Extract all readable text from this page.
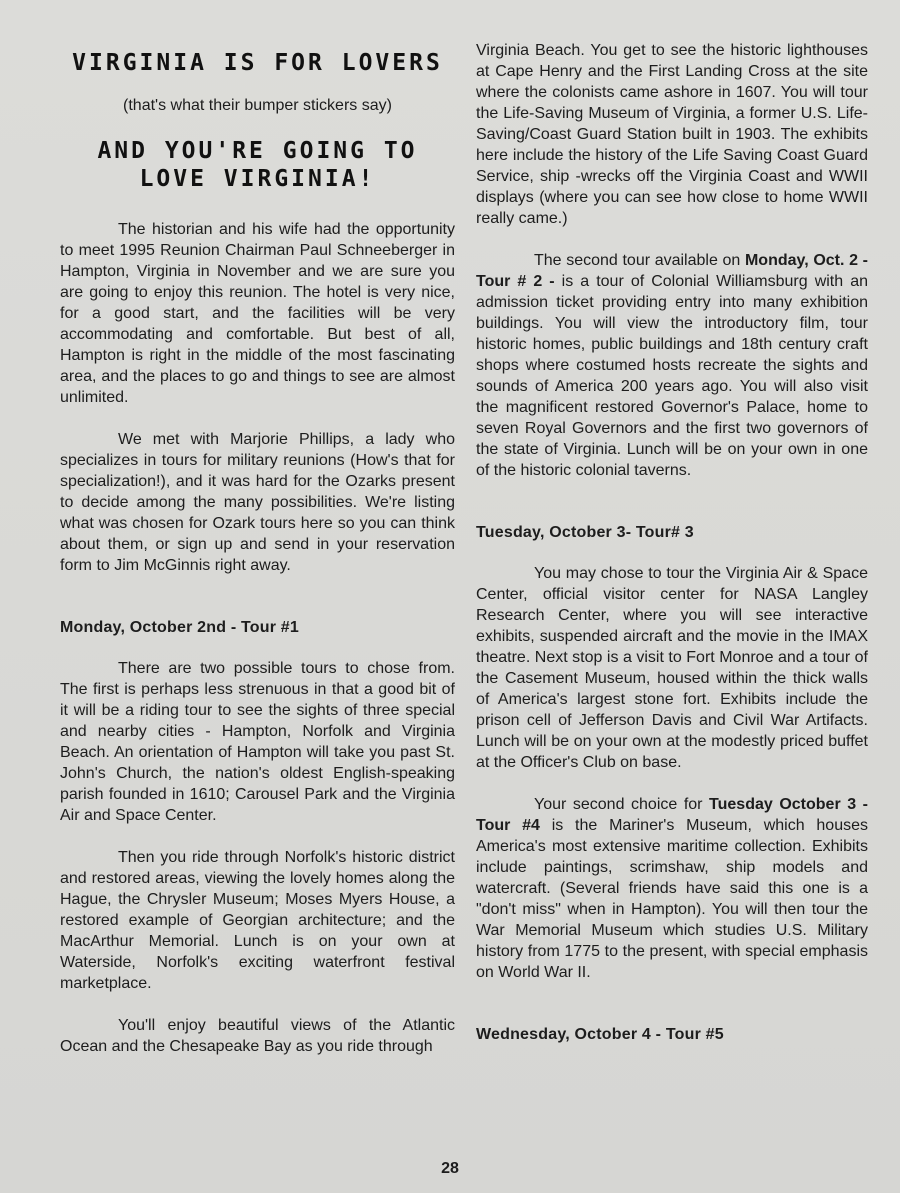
VIRGINIA IS FOR LOVERS

(that's what their bumper stickers say)

AND YOU'RE GOING TO LOVE VIRGINIA!

The historian and his wife had the opportunity to meet 1995 Reunion Chairman Paul Schneeberger in Hampton, Virginia in November and we are sure you are going to enjoy this reunion. The hotel is very nice, for a good start, and the facilities will be very accommodating and comfortable. But best of all, Hampton is right in the middle of the most fascinating area, and the places to go and things to see are almost unlimited.

We met with Marjorie Phillips, a lady who specializes in tours for military reunions (How's that for specialization!), and it was hard for the Ozarks present to decide among the many possibilities. We're listing what was chosen for Ozark tours here so you can think about them, or sign up and send in your reservation form to Jim McGinnis right away.

Monday, October 2nd - Tour #1

There are two possible tours to chose from. The first is perhaps less strenuous in that a good bit of it will be a riding tour to see the sights of three special and nearby cities - Hampton, Norfolk and Virginia Beach. An orientation of Hampton will take you past St. John's Church, the nation's oldest English-speaking parish founded in 1610; Carousel Park and the Virginia Air and Space Center.

Then you ride through Norfolk's historic district and restored areas, viewing the lovely homes along the Hague, the Chrysler Museum; Moses Myers House, a restored example of Georgian architecture; and the MacArthur Memorial. Lunch is on your own at Waterside, Norfolk's exciting waterfront festival marketplace.

You'll enjoy beautiful views of the Atlantic Ocean and the Chesapeake Bay as you ride through

Virginia Beach. You get to see the historic lighthouses at Cape Henry and the First Landing Cross at the site where the colonists came ashore in 1607. You will tour the Life-Saving Museum of Virginia, a former U.S. Life-Saving/Coast Guard Station built in 1903. The exhibits here include the history of the Life Saving Coast Guard Service, ship -wrecks off the Virginia Coast and WWII displays (where you can see how close to home WWII really came.)

The second tour available on Monday, Oct. 2 - Tour # 2 - is a tour of Colonial Williamsburg with an admission ticket providing entry into many exhibition buildings. You will view the introductory film, tour historic homes, public buildings and 18th century craft shops where costumed hosts recreate the sights and sounds of America 200 years ago. You will also visit the magnificent restored Governor's Palace, home to seven Royal Governors and the first two governors of the state of Virginia. Lunch will be on your own in one of the historic colonial taverns.

Tuesday, October 3- Tour# 3

You may chose to tour the Virginia Air & Space Center, official visitor center for NASA Langley Research Center, where you will see interactive exhibits, suspended aircraft and the movie in the IMAX theatre. Next stop is a visit to Fort Monroe and a tour of the Casement Museum, housed within the thick walls of America's largest stone fort. Exhibits include the prison cell of Jefferson Davis and Civil War Artifacts. Lunch will be on your own at the modestly priced buffet at the Officer's Club on base.

Your second choice for Tuesday October 3 -Tour #4 is the Mariner's Museum, which houses America's most extensive maritime collection. Exhibits include paintings, scrimshaw, ship models and watercraft. (Several friends have said this one is a "don't miss" when in Hampton). You will then tour the War Memorial Museum which studies U.S. Military history from 1775 to the present, with special emphasis on World War II.

Wednesday, October 4 - Tour #5

28
